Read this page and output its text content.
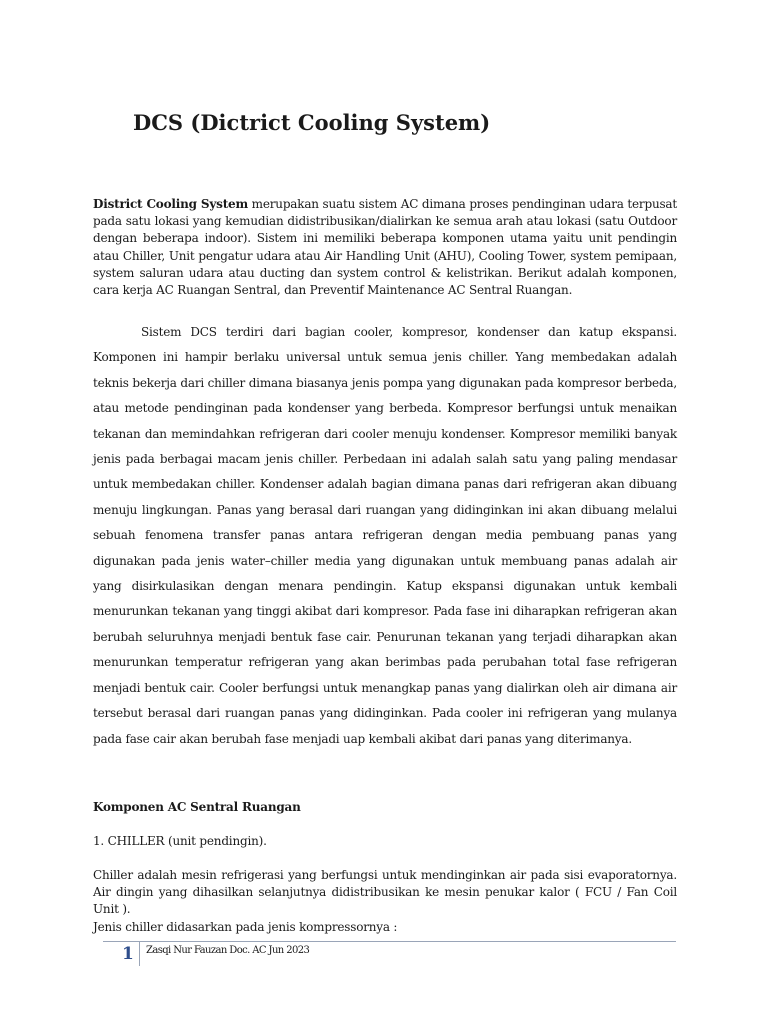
DCS (Dictrict Cooling System)
District Cooling System merupakan suatu sistem AC dimana proses pendinginan udara terpusat pada satu lokasi yang kemudian didistribusikan/dialirkan ke semua arah atau lokasi (satu Outdoor dengan beberapa indoor). Sistem ini memiliki beberapa komponen utama yaitu unit pendingin atau Chiller, Unit pengatur udara atau Air Handling Unit (AHU), Cooling Tower, system pemipaan, system saluran udara atau ducting dan system control & kelistrikan. Berikut adalah komponen, cara kerja AC Ruangan Sentral, dan Preventif Maintenance AC Sentral Ruangan.
Sistem DCS terdiri dari bagian cooler, kompresor, kondenser dan katup ekspansi. Komponen ini hampir berlaku universal untuk semua jenis chiller. Yang membedakan adalah teknis bekerja dari chiller dimana biasanya jenis pompa yang digunakan pada kompresor berbeda, atau metode pendinginan pada kondenser yang berbeda. Kompresor berfungsi untuk menaikan tekanan dan memindahkan refrigeran dari cooler menuju kondenser. Kompresor memiliki banyak jenis pada berbagai macam jenis chiller. Perbedaan ini adalah salah satu yang paling mendasar untuk membedakan chiller. Kondenser adalah bagian dimana panas dari refrigeran akan dibuang menuju lingkungan. Panas yang berasal dari ruangan yang didinginkan ini akan dibuang melalui sebuah fenomena transfer panas antara refrigeran dengan media pembuang panas yang digunakan pada jenis water–chiller media yang digunakan untuk membuang panas adalah air yang disirkulasikan dengan menara pendingin. Katup ekspansi digunakan untuk kembali menurunkan tekanan yang tinggi akibat dari kompresor. Pada fase ini diharapkan refrigeran akan berubah seluruhnya menjadi bentuk fase cair. Penurunan tekanan yang terjadi diharapkan akan menurunkan temperatur refrigeran yang akan berimbas pada perubahan total fase refrigeran menjadi bentuk cair. Cooler berfungsi untuk menangkap panas yang dialirkan oleh air dimana air tersebut berasal dari ruangan panas yang didinginkan. Pada cooler ini refrigeran yang mulanya pada fase cair akan berubah fase menjadi uap kembali akibat dari panas yang diterimanya.
Komponen AC Sentral Ruangan
1. CHILLER (unit pendingin).
Chiller adalah mesin refrigerasi yang berfungsi untuk mendinginkan air pada sisi evaporatornya. Air dingin yang dihasilkan selanjutnya didistribusikan ke mesin penukar kalor ( FCU / Fan Coil Unit ).
Jenis chiller didasarkan pada jenis kompressornya :
1 Zasqi Nur Fauzan Doc. AC Jun 2023
